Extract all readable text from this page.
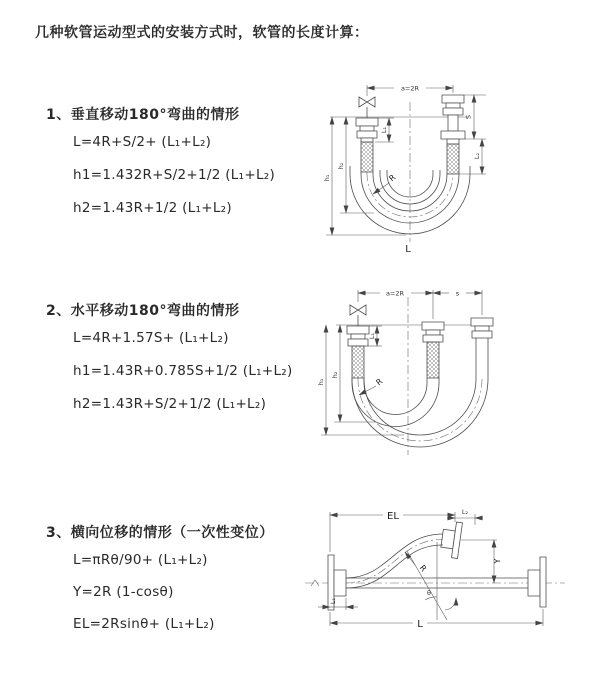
几种软管运动型式的安装方式时，软管的长度计算：
1、垂直移动180°弯曲的情形
L=4R+S/2+ (L₁+L₂)
h1=1.432R+S/2+1/2 (L₁+L₂)
h2=1.43R+1/2 (L₁+L₂)
a=2R
S
L₂
L₁
h₂
h₁	R
L
2、水平移动180°弯曲的情形
L=4R+1.57S+ (L₁+L₂)
h1=1.43R+0.785S+1/2 (L₁+L₂)
h2=1.43R+S/2+1/2 (L₁+L₂)
a=2R	s
L₁
h₂
h₁	R
3、横向位移的情形（一次性变位）
L=πRθ/90+ (L₁+L₂)
Y=2R (1-cosθ)
EL=2Rsinθ+ (L₁+L₂)
θ
R
EL	L₂
Y
L₁
L
